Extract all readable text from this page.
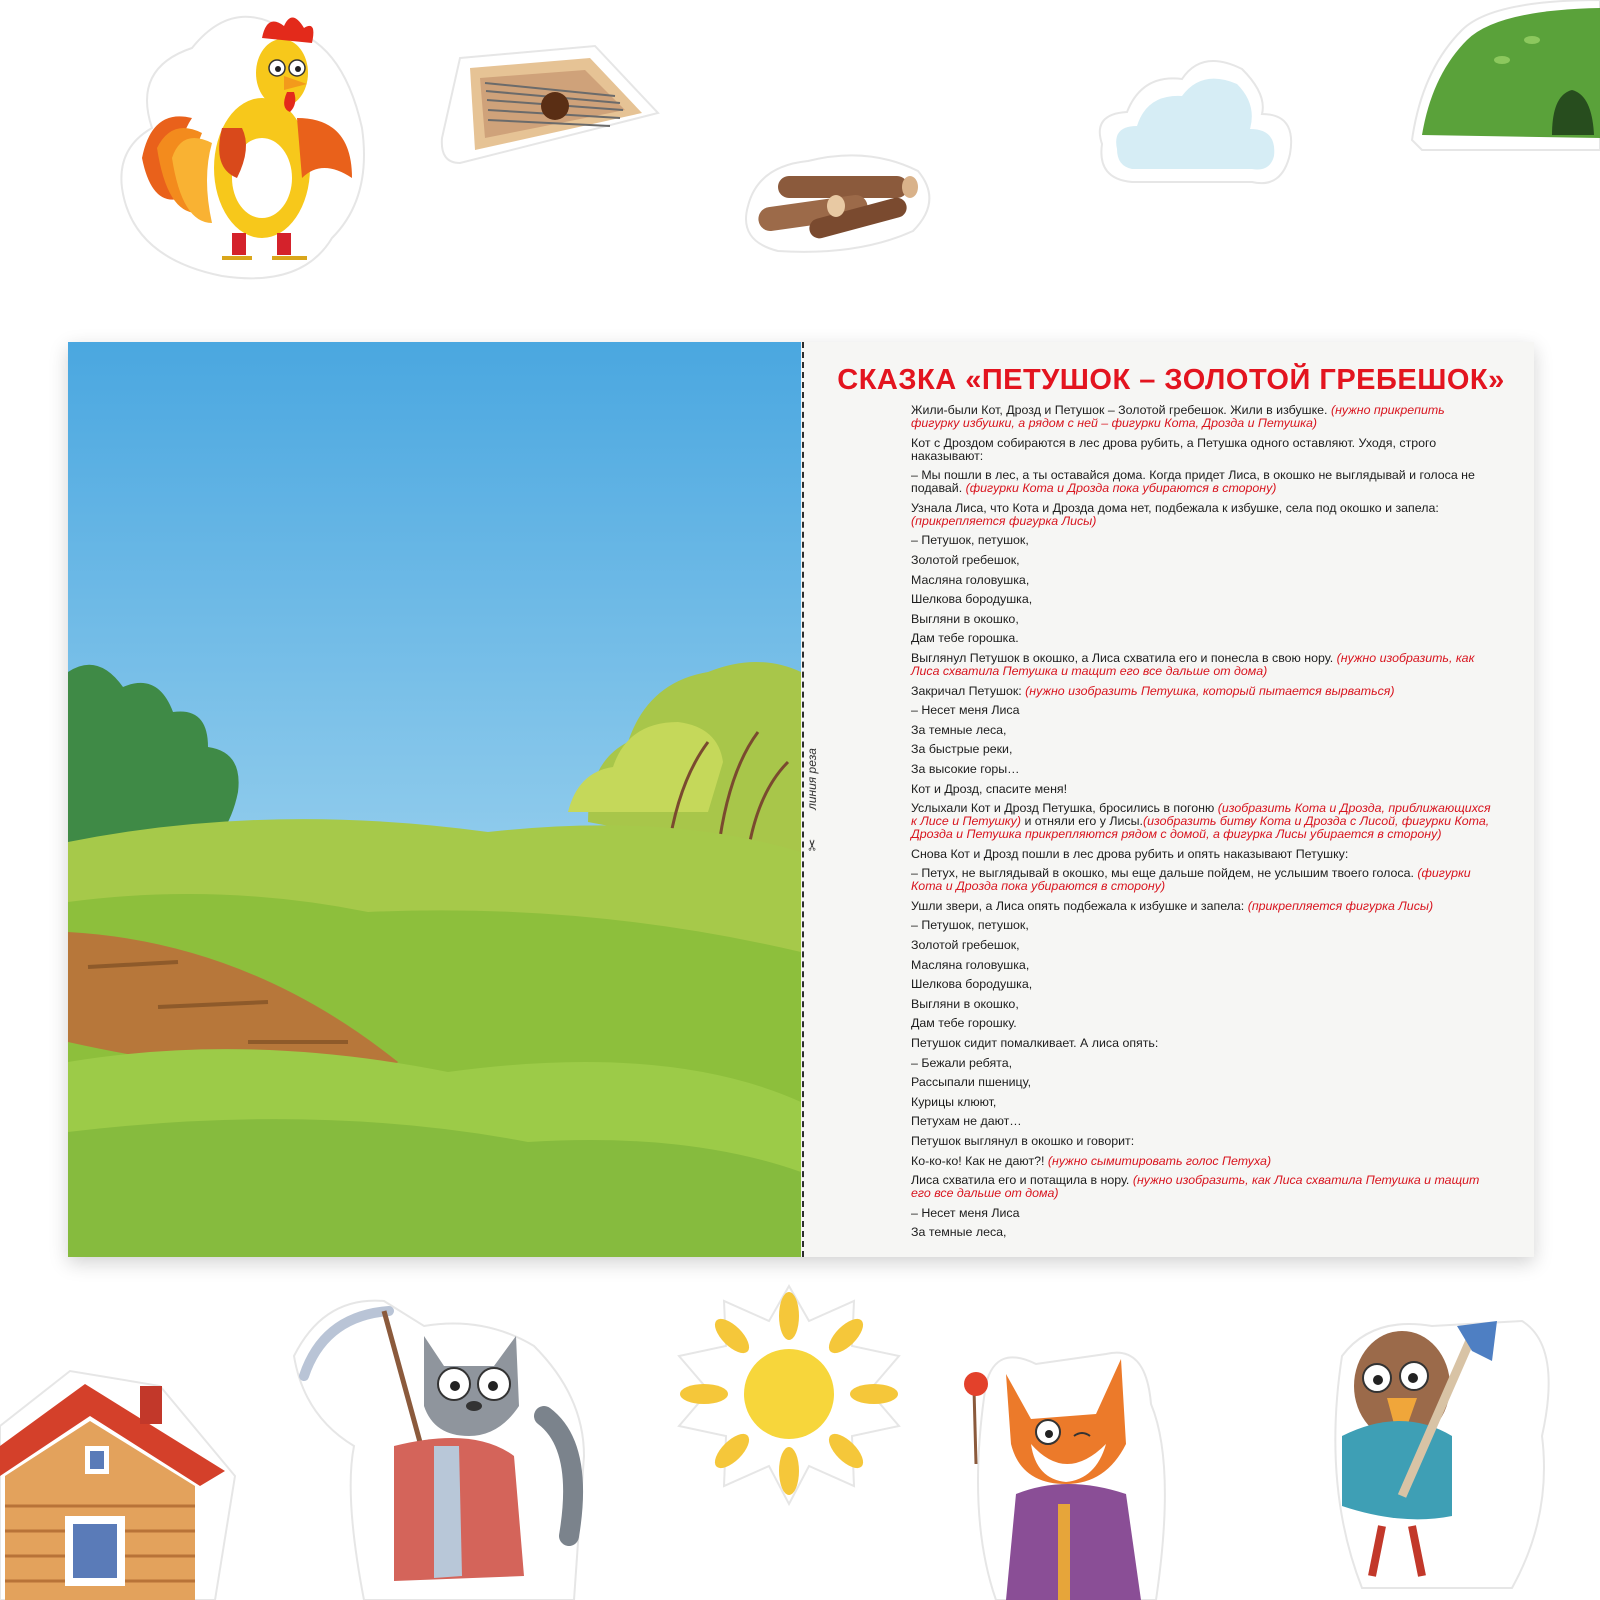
линия реза
✂
СКАЗКА «ПЕТУШОК – ЗОЛОТОЙ ГРЕБЕШОК»
Жили-были Кот, Дрозд и Петушок – Золотой гребешок. Жили в избушке. (нужно прикрепить фигурку избушки, а рядом с ней – фигурки Кота, Дрозда и Петушка)
Кот с Дроздом собираются в лес дрова рубить, а Петушка одного оставляют. Уходя, строго наказывают:
– Мы пошли в лес, а ты оставайся дома. Когда придет Лиса, в окошко не выглядывай и голоса не подавай. (фигурки Кота и Дрозда пока убираются в сторону)
Узнала Лиса, что Кота и Дрозда дома нет, подбежала к избушке, села под окошко и запела: (прикрепляется фигурка Лисы)
– Петушок, петушок,
Золотой гребешок,
Масляна головушка,
Шелкова бородушка,
Выгляни в окошко,
Дам тебе горошка.
Выглянул Петушок в окошко, а Лиса схватила его и понесла в свою нору. (нужно изобразить, как Лиса схватила Петушка и тащит его все дальше от дома)
Закричал Петушок: (нужно изобразить Петушка, который пытается вырваться)
– Несет меня Лиса
За темные леса,
За быстрые реки,
За высокие горы…
Кот и Дрозд, спасите меня!
Услыхали Кот и Дрозд Петушка, бросились в погоню (изобразить Кота и Дрозда, приближающихся к Лисе и Петушку) и отняли его у Лисы.(изобразить битву Кота и Дрозда с Лисой, фигурки Кота, Дрозда и Петушка прикрепляются рядом с домой, а фигурка Лисы убирается в сторону)
Снова Кот и Дрозд пошли в лес дрова рубить и опять наказывают Петушку:
– Петух, не выглядывай в окошко, мы еще дальше пойдем, не услышим твоего голоса. (фигурки Кота и Дрозда пока убираются в сторону)
Ушли звери, а Лиса опять подбежала к избушке и запела: (прикрепляется фигурка Лисы)
– Петушок, петушок,
Золотой гребешок,
Масляна головушка,
Шелкова бородушка,
Выгляни в окошко,
Дам тебе горошку.
Петушок сидит помалкивает. А лиса опять:
– Бежали ребята,
Рассыпали пшеницу,
Курицы клюют,
Петухам не дают…
Петушок выглянул в окошко и говорит:
Ко-ко-ко! Как не дают?! (нужно сымитировать голос Петуха)
Лиса схватила его и потащила в нору. (нужно изобразить, как Лиса схватила Петушка и тащит его все дальше от дома)
– Несет меня Лиса
За темные леса,
